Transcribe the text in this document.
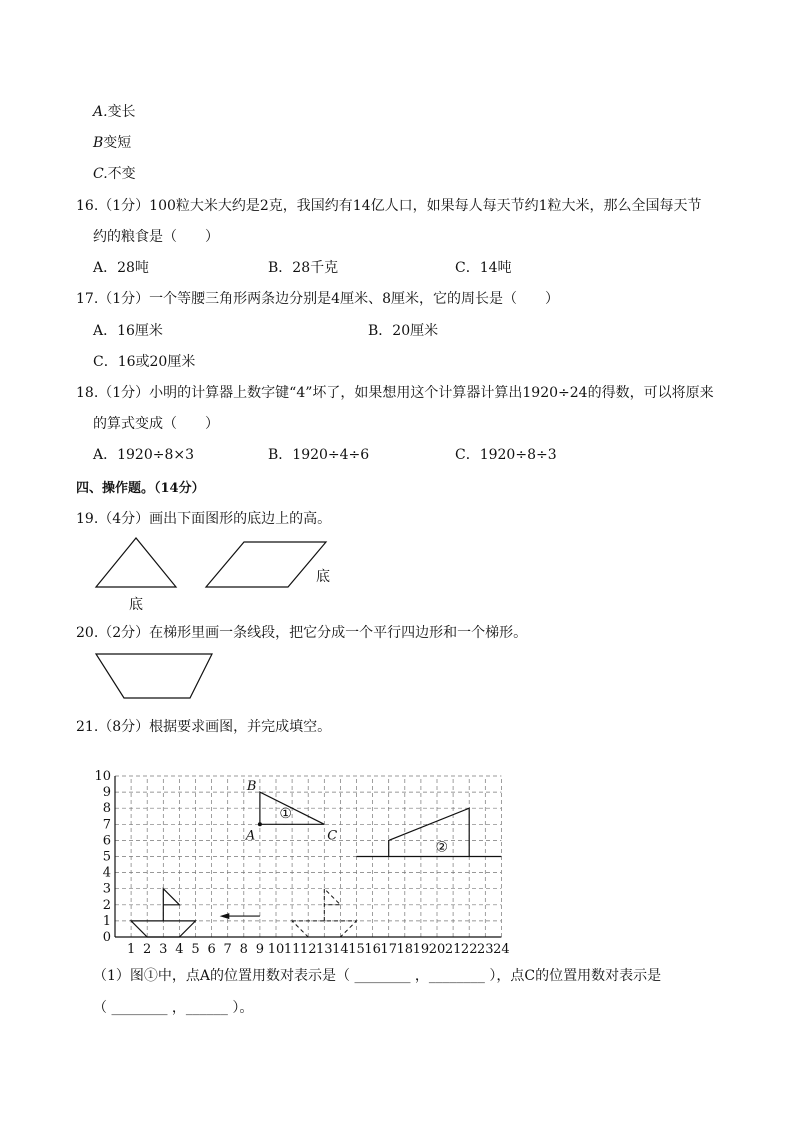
A.变长
B变短
C.不变
16.（1分）100粒大米大约是2克，我国约有14亿人口，如果每人每天节约1粒大米，那么全国每天节
约的粮食是（　　）
A．28吨	B．28千克	C．14吨
17.（1分）一个等腰三角形两条边分别是4厘米、8厘米，它的周长是（　　）
A．16厘米	B．20厘米
C．16或20厘米
18.（1分）小明的计算器上数字键“4”坏了，如果想用这个计算器计算出1920÷24的得数，可以将原来
的算式变成（　　）
A．1920÷8×3	B．1920÷4÷6	C．1920÷8÷3
四、操作题。（14分）
19.（4分）画出下面图形的底边上的高。
底
底
20.（2分）在梯形里画一条线段，把它分成一个平行四边形和一个梯形。
21.（8分）根据要求画图，并完成填空。
1 2 3 4 5 6 7 8 9 10 11 12 13 14 15 16 17 18 19 20 21 22 23 24
0
1
2
3
4
5
6
7
8
9
10
B
A	C
①
②
（1）图①中，点A的位置用数对表示是（ ________ ，________ ），点C的位置用数对表示是
（ ________ ，______ ）。
